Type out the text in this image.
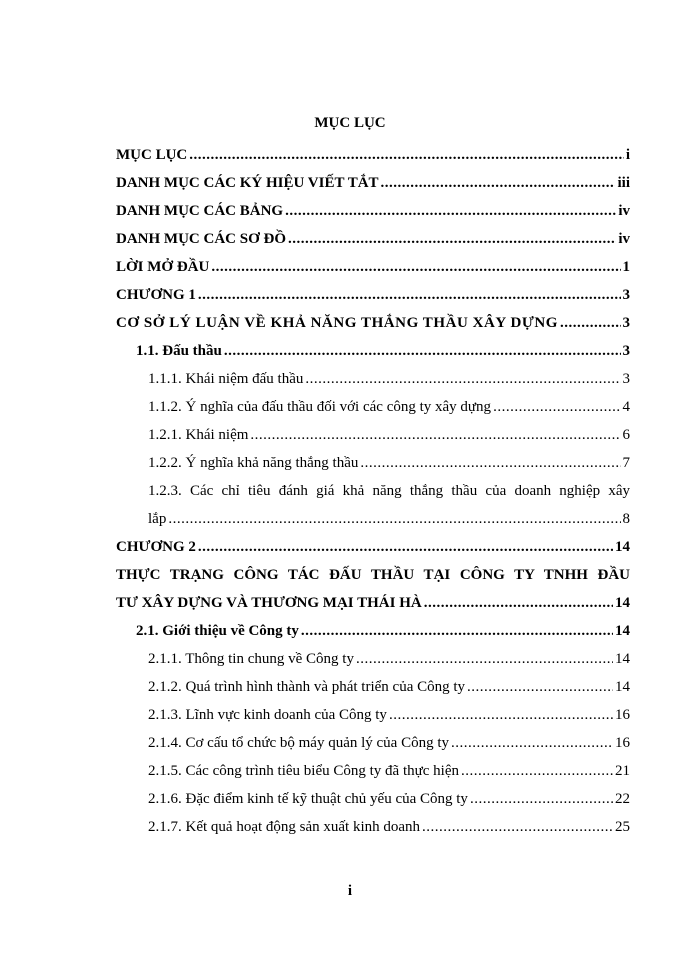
MỤC LỤC
MỤC LỤC .....	i
DANH MỤC CÁC KÝ HIỆU VIẾT TẮT .....	iii
DANH MỤC CÁC BẢNG .....	iv
DANH MỤC CÁC SƠ ĐỒ .....	iv
LỜI MỞ ĐẦU .....	1
CHƯƠNG 1 .....	3
CƠ SỞ LÝ LUẬN VỀ KHẢ NĂNG THẮNG THẦU XÂY DỰNG .....	3
1.1. Đấu thầu .....	3
1.1.1. Khái niệm đấu thầu .....	3
1.1.2. Ý nghĩa của đấu thầu đối với các công ty xây dựng .....	4
1.2.1. Khái niệm .....	6
1.2.2. Ý nghĩa khả năng thắng thầu .....	7
1.2.3. Các chỉ tiêu đánh giá khả năng thắng thầu của doanh nghiệp xây
lắp .....	8
CHƯƠNG 2 .....	14
THỰC TRẠNG CÔNG TÁC ĐẤU THẦU TẠI CÔNG TY TNHH ĐẦU
TƯ XÂY DỰNG VÀ THƯƠNG MẠI THÁI HÀ .....	14
2.1. Giới thiệu về Công ty .....	14
2.1.1. Thông tin chung về Công ty .....	14
2.1.2. Quá trình hình thành và phát triển của Công ty .....	14
2.1.3. Lĩnh vực kinh doanh của Công ty .....	16
2.1.4. Cơ cấu tổ chức bộ máy quản lý của Công ty .....	16
2.1.5. Các công trình tiêu biểu Công ty đã thực hiện .....	21
2.1.6. Đặc điểm kinh tế kỹ thuật chủ yếu của Công ty .....	22
2.1.7. Kết quả hoạt động sản xuất kinh doanh .....	25
i
